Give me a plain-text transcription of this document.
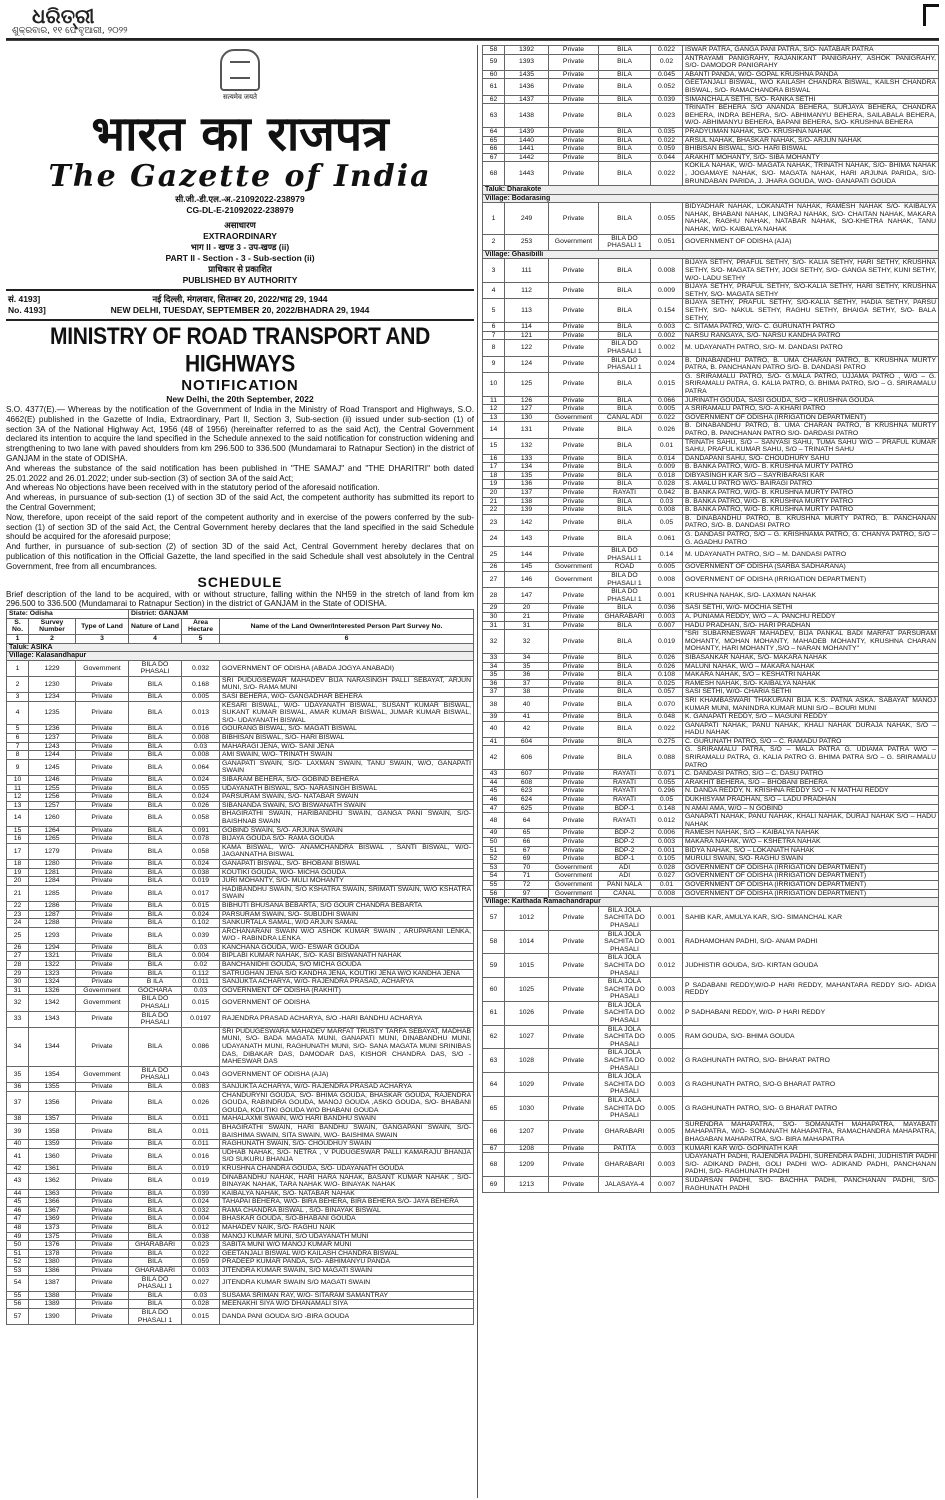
ଧରିତ୍ରୀ
ଶୁକ୍ରବାର, ୧୧ ଫେବୃଆରୀ, ୨୦୨୨
सत्यमेव जयते
भारत का राजपत्र
The Gazette of India
सी.जी.-डी.एल.-अ.-21092022-238979
CG-DL-E-21092022-238979
असाधारण
EXTRAORDINARY
भाग II - खण्ड 3 - उप-खण्ड (ii)
PART II - Section - 3 - Sub-section (ii)
प्राधिकार से प्रकाशित
PUBLISHED BY AUTHORITY
सं. 4193]	नई दिल्ली, मंगलवार, सितम्बर 20, 2022/भाद्र 29, 1944
No. 4193]	NEW DELHI, TUESDAY, SEPTEMBER 20, 2022/BHADRA 29, 1944
MINISTRY OF ROAD TRANSPORT AND HIGHWAYS
NOTIFICATION
New Delhi, the 20th September, 2022
S.O. 4377(E).— Whereas by the notification of the Government of India in the Ministry of Road Transport and Highways, S.O. 4662(E) published in the Gazette of India, Extraordinary, Part II, Section 3, Sub-section (ii) issued under sub-section (1) of section 3A of the National Highway Act, 1956 (48 of 1956) (hereinafter referred to as the said Act), the Central Government declared its intention to acquire the land specified in the Schedule annexed to the said notification for construction widening and strengthening to two lane with paved shoulders from km 296.500 to 336.500 (Mundamarai to Ratnapur Section) in the district of GANJAM in the state of ODISHA.
And whereas the substance of the said notification has been published in "THE SAMAJ" and "THE DHARITRI" both dated 25.01.2022 and 26.01.2022; under sub-section (3) of section 3A of the said Act;
And whereas No objections have been received with in the statutory period of the aforesaid notification.
And whereas, in pursuance of sub-section (1) of section 3D of the said Act, the competent authority has submitted its report to the Central Government;
Now, therefore, upon receipt of the said report of the competent authority and in exercise of the powers conferred by the sub-section (1) of section 3D of the said Act, the Central Government hereby declares that the land specified in the said Schedule should be acquired for the aforesaid purpose;
And further, in pursuance of sub-section (2) of section 3D of the said Act, Central Government hereby declares that on publication of this notification in the Official Gazette, the land specified in the said Schedule shall vest absolutely in the Central Government, free from all encumbrances.
SCHEDULE
Brief description of the land to be acquired, with or without structure, falling within the NH59 in the stretch of land from km 296.500 to 336.500 (Mundamarai to Ratnapur Section) in the district of GANJAM in the State of ODISHA.
State: Odisha			District: GANJAM		
S. No.	Survey Number	Type of Land	Nature of Land	Area Hectare	Name of the Land Owner/Interested Person Part Survey No.
1	2	3	4	5	6
Taluk: ASIKA					
Village: Kalasandhapur					
1	1229	Government	BILA DO PHASALI	0.032	GOVERNMENT OF ODISHA (ABADA JOGYA ANABADI)
2	1230	Private	BILA	0.168	SRI PUDUGSEWAR MAHADEV BIJA NARASINGH PALLI SEBAYAT, ARJUN MUNI, S/O- RAMA MUNI
3	1234	Private	BILA	0.005	SASI BEHERA, W/O- GANGADHAR BEHERA
4	1235	Private	BILA	0.013	KESARI BISWAL, W/O- UDAYANATH BISWAL, SUSANT KUMAR BISWAL, SUKANT KUMAR BISWAL, AMAR KUMAR BISWAL, JUMAR KUMAR BISWAL, S/O- UDAYANATH BISWAL
5	1236	Private	BILA	0.016	GOURANG BISWAL, S/O- MAGATI BISWAL
6	1237	Private	BILA	0.008	BIBHISAN BISWAL, S/O- HARI BISWAL
7	1243	Private	BILA	0.03	MAHARAGI JENA, W/O- SANI JENA
8	1244	Private	BILA	0.008	AMI SWAIN, W/O- TRINATH SWAIN
9	1245	Private	BILA	0.064	GANAPATI SWAIN, S/O- LAXMAN SWAIN, TANU SWAIN, W/O, GANAPATI SWAIN
10	1246	Private	BILA	0.024	SIBARAM BEHERA, S/O- GOBIND BEHERA
11	1255	Private	BILA	0.055	UDAYANATH BISWAL, S/O- NARASINGH BISWAL
12	1256	Private	BILA	0.024	PARSURAM SWAIN, S/O- NATABAR SWAIN
13	1257	Private	BILA	0.026	SIBANANDA SWAIN, S/O BISWANATH SWAIN
14	1260	Private	BILA	0.058	BHAGIRATHI SWAIN, HARIBANDHU SWAIN, GANGA PANI SWAIN, S/O- BAISHNAB SWAIN
15	1264	Private	BILA	0.091	GOBIND SWAIN, S/O- ARJUNA SWAIN
16	1265	Private	BILA	0.078	BIJAYA GOUDA S/O- RAMA GOUDA
17	1279	Private	BILA	0.058	KAMA BISWAL, W/O- ANAMCHANDRA BISWAL , SANTI BISWAL, W/O- JAGANNATHA BISWAL
18	1280	Private	BILA	0.024	GANAPATI BISWAL, S/O- BHOBANI BISWAL
19	1281	Private	BILA	0.038	KOUTIKI GOUDA, W/O- MICHA GOUDA
20	1284	Private	BILA	0.019	JURI MOHANTY, S/O- MULI MOHANTY
21	1285	Private	BILA	0.017	HADIBANDHU SWAIN, S/O KSHATRA SWAIN, SRIMATI SWAIN, W/O KSHATRA SWAIN
22	1286	Private	BILA	0.015	BIBHUTI BHUSANA BEBARTA, S/O GOUR CHANDRA BEBARTA
23	1287	Private	BILA	0.024	PARSURAM SWAIN, S/O- SUBUDHI SWAIN
24	1288	Private	BILA	0.102	SANKURTALA SAMAL, W/O ARJUN SAMAL
25	1293	Private	BILA	0.039	ARCHANARANI SWAIN W/O ASHOK KUMAR SWAIN , ARUPARANI LENKA, W/O - RABINDRA LENKA
26	1294	Private	BILA	0.03	KANCHANA GOUDA, W/O- ESWAR GOUDA
27	1321	Private	BILA	0.004	BIPLABI KUMAR NAHAK, S/O- KASI BISWANATH NAHAK
28	1322	Private	BILA	0.02	BANCHANIDHI GOUDA, S/O MICHA GOUDA
29	1323	Private	BILA	0.112	SATRUGHAN JENA S/O KANDHA JENA, KOUTIKI JENA W/O KANDHA JENA
30	1324	Private	B ILA	0.011	SANJUKTA ACHARYA, W/O- RAJENDRA PRASAD, ACHARYA
31	1326	Government	GOCHARA	0.03	GOVERNMENT OF ODISHA (RAKHIT)
32	1342	Government	BILA DO PHASALI	0.015	GOVERNMENT OF ODISHA
33	1343	Private	BILA DO PHASALI	0.0197	RAJENDRA PRASAD ACHARYA, S/O -HARI BANDHU ACHARYA
34	1344	Private	BILA	0.086	SRI PUDUGESWARA MAHADEV MARFAT TRUSTY TARFA SEBAYAT, MADHAB MUNI, S/O- BADA MAGATA MUNI, GANAPATI MUNI, DINABANDHU MUNI, UDAYANATH MUNI, RAGHUNATH MUNI, S/O- SANA MAGATA MUNI SRINIBAS DAS, DIBAKAR DAS, DAMODAR DAS, KISHOR CHANDRA DAS, S/O - MAHESWAR DAS
35	1354	Government	BILA DO PHASALI	0.043	GOVERNMENT OF ODISHA (AJA)
36	1355	Private	BILA	0.083	SANJUKTA ACHARYA, W/O- RAJENDRA PRASAD ACHARYA
37	1356	Private	BILA	0.026	CHANDURYNI GOUDA, S/O- BHIMA GOUDA, BHASKAR GOUDA, RAJENDRA GOUDA, RABINDRA GOUDA, MANOJ GOUDA ,ASKO GOUDA, S/O- BHABANI GOUDA, KOUTIKI GOUDA W/O BHABANI GOUDA
38	1357	Private	BILA	0.011	MAHALAXMI SWAIN, W/O HARI BANDHU SWAIN
39	1358	Private	BILA	0.011	BHAGIRATHI SWAIN, HARI BANDHU SWAIN, GANGAPANI SWAIN, S/O- BAISHIMA SWAIN, SITA SWAIN, W/O- BAISHIMA SWAIN
40	1359	Private	BILA	0.011	RAGHUNATH SWAIN, S/O- CHOUDHUY SWAIN
41	1360	Private	BILA	0.016	UDHAB NAHAK, S/O- NETRA , V PUDUGESWAR PALLI KAMARAJU BHANJA S/O SUKURU BHANJA
42	1361	Private	BILA	0.019	KRUSHNA CHANDRA GOUDA, S/O- UDAYANATH GOUDA
43	1362	Private	BILA	0.019	DINABANDHU NAHAK, HARI HARA NAHAK, BASANT KUMAR NAHAK , S/O- BINAYAK NAHAK, TARA NAHAK W/O- BINAYAK NAHAK
44	1363	Private	BILA	0.039	KAIBALYA NAHAK, S/O- NATABAR NAHAK
45	1366	Private	BILA	0.024	TAHAPAI BEHERA, W/O- BIRA BEHERA, BIRA BEHERA S/O- JAYA BEHERA
46	1367	Private	BILA	0.032	RAMA CHANDRA BISWAL , S/O- BINAYAK BISWAL
47	1369	Private	BILA	0.004	BHASKAR GOUDA, S/O-BHABANI GOUDA
48	1373	Private	BILA	0.012	MAHADEV NAIK, S/O- RAGHU NAIK
49	1375	Private	BILA	0.038	MANOJ KUMAR MUNI, S/O UDAYANATH MUNI
50	1376	Private	GHARABARI	0.023	SABITA MUNI W/O MANOJ KUMAR MUNI
51	1378	Private	BILA	0.022	GEETANJALI BISWAL W/O KAILASH CHANDRA BISWAL
52	1380	Private	BILA	0.059	PRADEEP KUMAR PANDA, S/O- ABHIMANYU PANDA
53	1386	Private	GHARABARI	0.003	JITENDRA KUMAR SWAIN, S/O MAGATI SWAIN
54	1387	Private	BILA DO PHASALI 1	0.027	JITENDRA KUMAR SWAIN S/O MAGATI SWAIN
55	1388	Private	BILA	0.03	SUSAMA SRIMAN RAY, W/O- SITARAM SAMANTRAY
56	1389	Private	BILA	0.028	MEENAKHI SIYA W/O DHANAMALI SIYA
57	1390	Private	BILA DO PHASALI 1	0.015	DANDA PANI GOUDA S/O -BIRA GOUDA
58	1392	Private	BILA	0.022	ISWAR PATRA, GANGA PANI PATRA, S/O- NATABAR PATRA
59	1393	Private	BILA	0.02	ANTRAYAMI PANIGRAHY, RAJANIKANT PANIGRAHY, ASHOK PANIGRAHY, S/O- DAMODOR PANIGRAHY
60	1435	Private	BILA	0.045	ABANTI PANDA, W/O- GOPAL KRUSHNA PANDA
61	1436	Private	BILA	0.052	GEETANJALI BISWAL, W/O KAILASH CHANDRA BISWAL, KAILSH CHANDRA BISWAL, S/O- RAMACHANDRA BISWAL
62	1437	Private	BILA	0.039	SIMANCHALA SETHI, S/O- RANKA SETHI
63	1438	Private	BILA	0.023	TRINATH BEHERA S/O ANANDA BEHERA, SURJAYA BEHERA, CHANDRA BEHERA, INDRA BEHERA, S/O- ABHIMANYU BEHERA, SAILABALA BEHERA, W/O- ABHIMANYU BEHERA, BAPANI BEHERA, S/O- KRUSHNA BEHERA
64	1439	Private	BILA	0.035	PRADYUMAN NAHAK, S/O- KRUSHNA NAHAK
65	1440	Private	BILA	0.022	ARSUL NAHAK, BHASKAR NAHAK, S/O- ARJUN NAHAK
66	1441	Private	BILA	0.059	BHIBISAN BISWAL, S/O- HARI BISWAL
67	1442	Private	BILA	0.044	ARAKHIT MOHANTY, S/O- SIBA MOHANTY
68	1443	Private	BILA	0.022	KOKILA NAHAK, W/O- MAGATA NAHAK, TRINATH NAHAK, S/O- BHIMA NAHAK , JOGAMAYE NAHAK, S/O- MAGATA NAHAK, HARI ARJUNA PARIDA, S/O- BRUNDABAN PARIDA, J. JHARA GOUDA, W/O- GANAPATI GOUDA
Taluk: Dharakote					
Village: Bodarasing					
1	249	Private	BILA	0.055	BIDYADHAR NAHAK, LOKANATH NAHAK, RAMESH NAHAK S/O- KAIBALYA NAHAK, BHABANI NAHAK, LINGRAJ NAHAK, S/O- CHAITAN NAHAK, MAKARA NAHAK, RAGHU NAHAK, NATABAR NAHAK, S/O-KHETRA NAHAK, TANU NAHAK, W/O- KAIBALYA NAHAK
2	253	Government	BILA DO PHASALI 1	0.051	GOVERNMENT OF ODISHA (AJA)
Village: Ghasibilli					
3	111	Private	BILA	0.008	BIJAYA SETHY, PRAFUL SETHY, S/O- KALIA SETHY, HARI SETHY, KRUSHNA SETHY, S/O- MAGATA SETHY, JOGI SETHY, S/O- GANGA SETHY, KUNI SETHY, W/O- LADU SETHY
4	112	Private	BILA	0.009	BIJAYA SETHY, PRAFUL SETHY, S/O-KALIA SETHY, HARI SETHY, KRUSHNA SETHY, S/O- MAGATA SETHY
5	113	Private	BILA	0.154	BIJAYA SETHY, PRAFUL SETHY, S/O-KALIA SETHY, HADIA SETHY, PARSU SETHY, S/O- NAKUL SETHY, RAGHU SETHY, BHAIGA SETHY, S/O- BALA SETHY,
6	114	Private	BILA	0.003	C. SITAMA PATRO, W/O- C. GURUNATH PATRO
7	121	Private	BILA	0.002	NARSU RANGAYA, S/O- NARSU KANDHA PATRO
8	122	Private	BILA DO PHASALI 1	0.002	M. UDAYANATH PATRO, S/O- M. DANDASI PATRO
9	124	Private	BILA DO PHASALI 1	0.024	B. DINABANDHU PATRO, B. UMA CHARAN PATRO, B. KRUSHNA MURTY PATRA, B. PANCHANAN PATRO S/O- B. DANDASI PATRO
10	125	Private	BILA	0.015	G. SRIRAMALU PATRO, S/O- G.MALA PATRO, UJJAMA PATRO , W/O – G. SRIRAMALU PATRA, G. KALIA PATRO, G. BHIMA PATRO, S/O – G. SRIRAMALU PATRA
11	126	Private	BILA	0.066	JURINATH GOUDA, SASI GOUDA, S/O – KRUSHNA GOUDA
12	127	Private	BILA	0.005	A SRIRAMALU PATRO, S/O- A KHARI PATRO
13	130	Government	CANAL ADI	0.022	GOVERNMENT OF ODISHA (IRRIGATION DEPARTMENT)
14	131	Private	BILA	0.026	B. DINABANDHU PATRO, B. UMA CHARAN PATRO, B KRUSHNA MURTY PATRO, B. PANCHANAN PATRO S/O- DARDASI PATRO
15	132	Private	BILA	0.01	TRINATH SAHU, S/O – SANYASI SAHU, TUMA SAHU W/O – PRAFUL KUMAR SAHU, PRAFUL KUMAR SAHU, S/O – TRINATH SAHU
16	133	Private	BILA	0.014	DANDAPANI SAHU, S/O- CHOUDHURY SAHU
17	134	Private	BILA	0.009	B. BANKA PATRO, W/O- B. KRUSHNA MURTY PATRO
18	135	Private	BILA	0.018	DIBYASINGH KAR S/O – SAYRIBARASI KAR
19	136	Private	BILA	0.028	S. AMALU PATRO W/O- BAIRAGI PATRO
20	137	Private	RAYATI	0.042	B. BANKA PATRO, W/O- B. KRUSHNA MURTY PATRO
21	138	Private	BILA	0.03	B. BANKA PATRO, W/O- B. KRUSHNA MURTY PATRO
22	139	Private	BILA	0.008	B. BANKA PATRO, W/O- B. KRUSHNA MURTY PATRO
23	142	Private	BILA	0.05	B. DINABANDHU PATRO, B. KRUSHNA MURTY PATRO, B. PANCHANAN PATRO, S/O- B. DANDASI PATRO
24	143	Private	BILA	0.061	G. DANDASI PATRO, S/O – G. KRISHNAMA PATRO, G. CHANYA PATRO, S/O – G. AGADHU PATRO
25	144	Private	BILA DO PHASALI 1	0.14	M. UDAYANATH PATRO, S/O – M. DANDASI PATRO
26	145	Government	ROAD	0.005	GOVERNMENT OF ODISHA (SARBA SADHARANA)
27	146	Government	BILA DO PHASALI 1	0.008	GOVERNMENT OF ODISHA (IRRIGATION DEPARTMENT)
28	147	Private	BILA DO PHASALI 1	0.001	KRUSHNA NAHAK, S/O- LAXMAN NAHAK
29	20	Private	BILA	0.036	SASI SETHI, W/O- MOCHIA SETHI
30	21	Private	GHARABARI	0.003	A. PUNIAMA REDDY, W/O – A. PANCHU REDDY
31	31	Private	BILA	0.007	HADU PRADHAN, S/O- HARI PRADHAN
32	32	Private	BILA	0.019	"SRI SUBARNESWAR MAHADEV, BIJA PANKAL BADI MARFAT PARSURAM MOHANTY, MOHAN MOHANTY, MAHADEB MOHANTY, KRUSHNA CHARAN MOHANTY, HARI MOHANTY ,S/O – NARAN MOHANTY"
33	34	Private	BILA	0.026	SIBASANKAR NAHAK, S/O- MAKARA NAHAK
34	35	Private	BILA	0.026	MALUNI NAHAK, W/O – MAKARA NAHAK
35	36	Private	BILA	0.108	MAKARA NAHAK, S/O – KESHATRI NAHAK
36	37	Private	BILA	0.025	RAMESH NAHAK, S/O- KAIBALYA NAHAK
37	38	Private	BILA	0.057	SASI SETHI, W/O- CHARIA SETHI
38	40	Private	BILA	0.070	SRI KHAMBASWARI THAKURANI BIJA K.S. PATNA ASKA. SABAYAT MANOJ KUMAR MUNI, MANINDRA KUMAR MUNI S/O – BOURI MUNI
39	41	Private	BILA	0.048	K. GANAPATI REDDY, S/O – MAGUNI REDDY
40	42	Private	BILA	0.022	GANAPATI NAHAK, PANU NAHAK, KHALI NAHAK DURAJA NAHAK, S/O – HADU NAHAK
41	604	Private	BILA	0.275	C. GURUNATH PATRO, S/O – C. RAMADU PATRO
42	606	Private	BILA	0.088	G. SRIRAMALU PATRA, S/O – MALA PATRA G. UDIAMA PATRA W/O – SRIRAMALU PATRA, G. KALIA PATRO G. BHIMA PATRA S/O – G. SRIRAMALU PATRO
43	607	Private	RAYATI	0.071	C. DANDASI PATRO, S/O – C. DASU PATRO
44	608	Private	RAYATI	0.055	ARAKHIT BEHERA, S/O – BHOBANI BEHERA
45	623	Private	RAYATI	0.296	N. DANDA REDDY, N. KRISHNA REDDY S/O – N MATHAI REDDY
46	624	Private	RAYATI	0.05	DUKHISYAM PRADHAN, S/O – LADU PRADHAN
47	625	Private	BDP-1	0.148	N AMAI AMA, W/O – N GOBIND
48	64	Private	RAYATI	0.012	GANAPATI NAHAK, PANU NAHAK, KHALI NAHAK, DURAJ NAHAK S/O – HADU NAHAK
49	65	Private	BDP-2	0.006	RAMESH NAHAK, S/O – KAIBALYA NAHAK
50	66	Private	BDP-2	0.003	MAKARA NAHAK, W/O – KSHETRA NAHAK
51	67	Private	BDP-2	0.001	BIDYA NAHAK, S/O – LOKANATH NAHAK
52	69	Private	BDP-1	0.105	MURULI SWAIN, S/O- RAGHU SWAIN
53	70	Government	ADI	0.028	GOVERNMENT OF ODISHA (IRRIGATION DEPARTMENT)
54	71	Government	ADI	0.027	GOVERNMENT OF ODISHA (IRRIGATION DEPARTMENT)
55	72	Government	PANI NALA	0.01	GOVERNMENT OF ODISHA (IRRIGATION DEPARTMENT)
56	97	Government	CANAL	0.008	GOVERNMENT OF ODISHA (IRRIGATION DEPARTMENT)
Village: Kaithada Ramachandrapur					
57	1012	Private	BILA JOLA SACHITA DO PHASALI	0.001	SAHIB KAR, AMULYA KAR, S/O- SIMANCHAL KAR
58	1014	Private	BILA JOLA SACHITA DO PHASALI	0.001	RADHAMOHAN PADHI, S/O- ANAM PADHI
59	1015	Private	BILA JOLA SACHITA DO PHASALI	0.012	JUDHISTIR GOUDA, S/O- KIRTAN GOUDA
60	1025	Private	BILA JOLA SACHITA DO PHASALI	0.003	P SADABANI REDDY,W/O-P HARI REDDY, MAHANTARA REDDY S/O- ADIGA REDDY
61	1026	Private	BILA JOLA SACHITA DO PHASALI	0.002	P SADHABANI REDDY, W/O- P HARI REDDY
62	1027	Private	BILA JOLA SACHITA DO PHASALI	0.005	RAM GOUDA, S/O- BHIMA GOUDA
63	1028	Private	BILA JOLA SACHITA DO PHASALI	0.002	G RAGHUNATH PATRO, S/O- BHARAT PATRO
64	1029	Private	BILA JOLA SACHITA DO PHASALI	0.003	G RAGHUNATH PATRO, S/O-G BHARAT PATRO
65	1030	Private	BILA JOLA SACHITA DO PHASALI	0.005	G RAGHUNATH PATRO, S/O- G BHARAT PATRO
66	1207	Private	GHARABARI	0.005	SURENDRA MAHAPATRA, S/O- SOMANATH MAHAPATRA, MAYABATI MAHAPATRA, W/O- SOMANATH MAHAPATRA, RAMACHANDRA MAHAPATRA, BHAGABAN MAHAPATRA, S/O- BIRA MAHAPATRA
67	1208	Private	PATITA	0.003	KUMARI KAR W/O- GOPINATH KAR
68	1209	Private	GHARABARI	0.003	UDAYANATH PADHI, RAJENDRA PADHI, SURENDRA PADHI, JUDHISTIR PADHI S/O- ADIKAND PADHI, GOLI PADHI W/O- ADIKAND PADHI, PANCHANAN PADHI, S/O- RAGHUNATH PADHI
69	1213	Private	JALASAYA-4	0.007	SUDARSAN PADHI, S/O- BACHHA PADHI, PANCHANAN PADHI, S/O- RAGHUNATH PADHI
